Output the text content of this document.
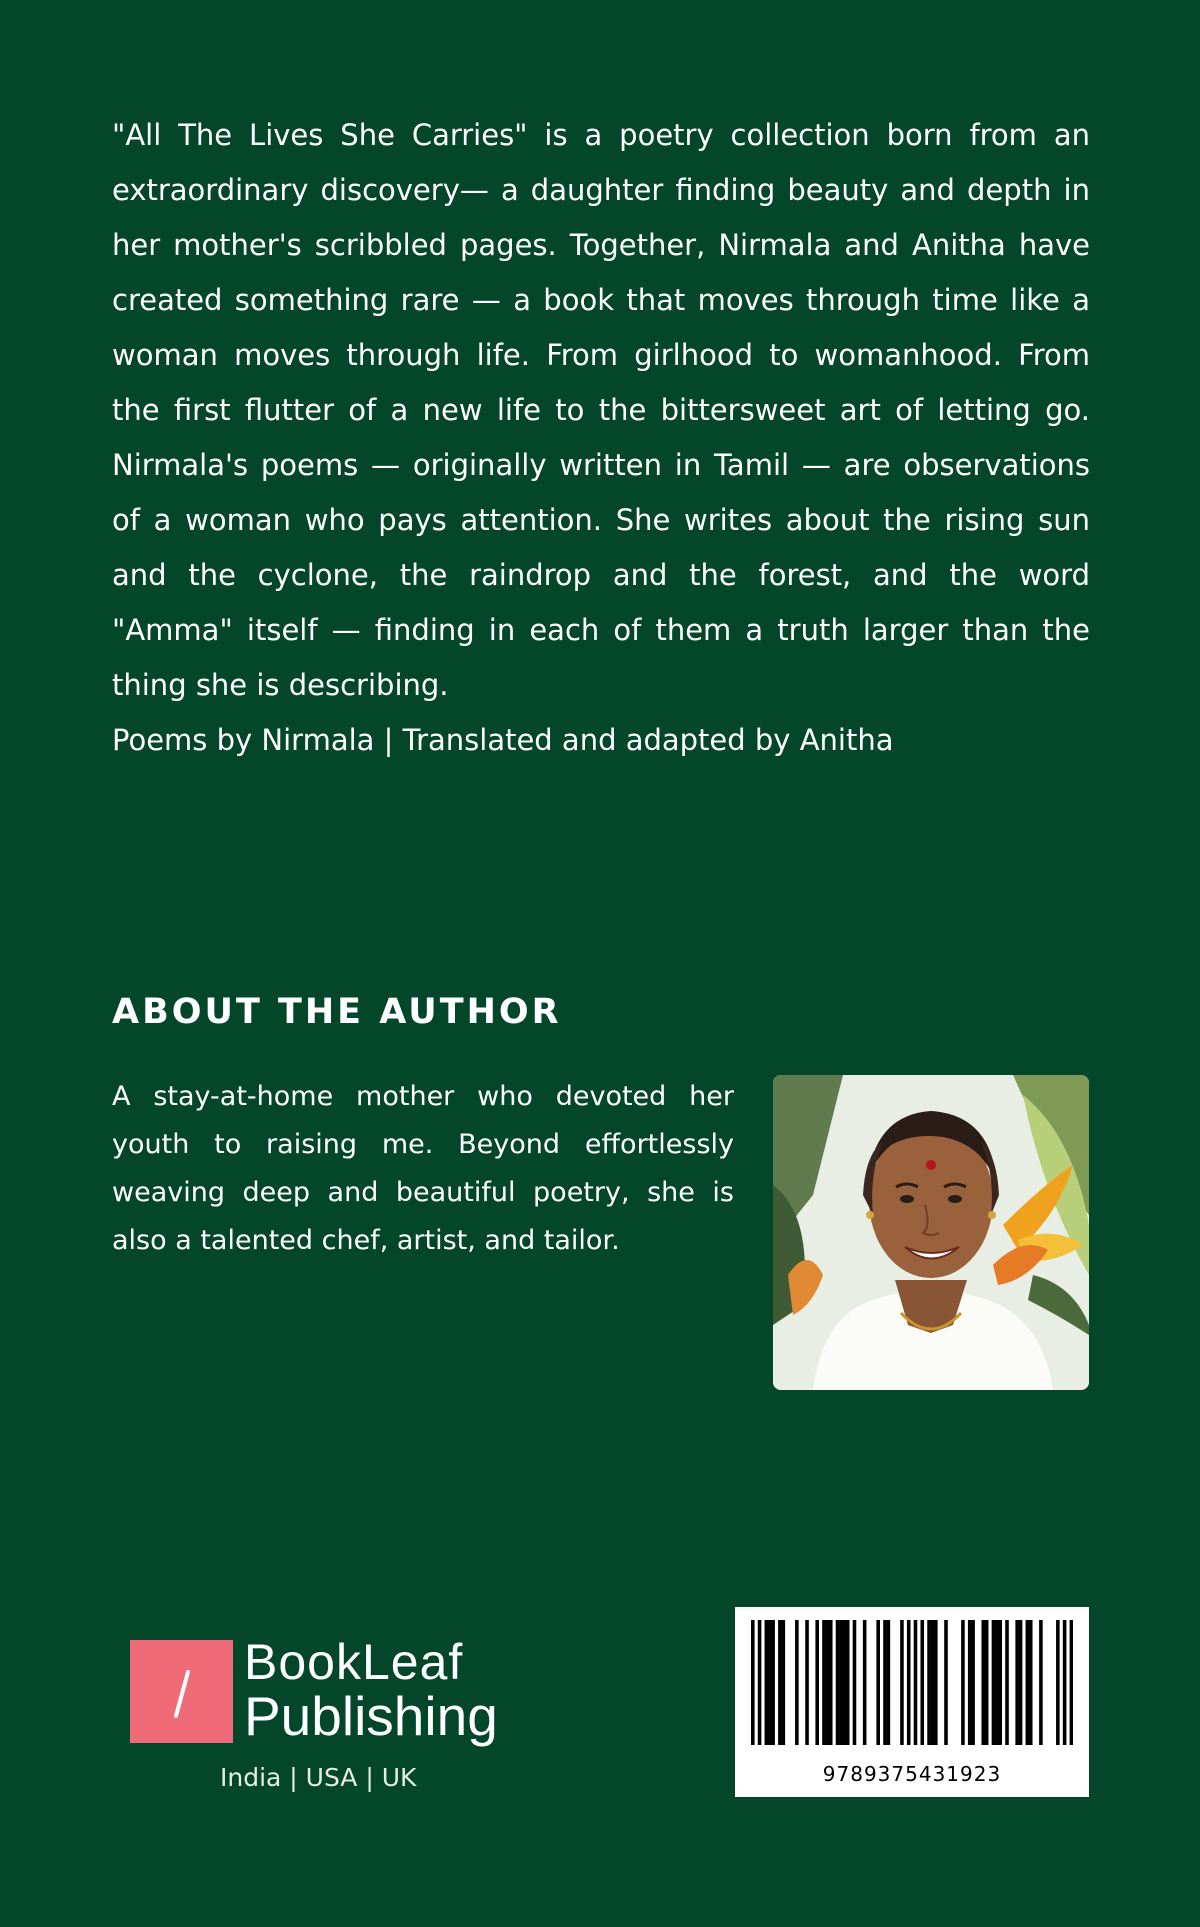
"All The Lives She Carries" is a poetry collection born from an extraordinary discovery— a daughter finding beauty and depth in her mother's scribbled pages. Together, Nirmala and Anitha have created something rare — a book that moves through time like a woman moves through life. From girlhood to womanhood. From the first flutter of a new life to the bittersweet art of letting go. Nirmala's poems — originally written in Tamil — are observations of a woman who pays attention. She writes about the rising sun and the cyclone, the raindrop and the forest, and the word "Amma" itself — finding in each of them a truth larger than the thing she is describing.

Poems by Nirmala | Translated and adapted by Anitha

ABOUT THE AUTHOR

A stay-at-home mother who devoted her youth to raising me. Beyond effortlessly weaving deep and beautiful poetry, she is also a talented chef, artist, and tailor.

BookLeaf

Publishing

India | USA | UK	9789375431923
